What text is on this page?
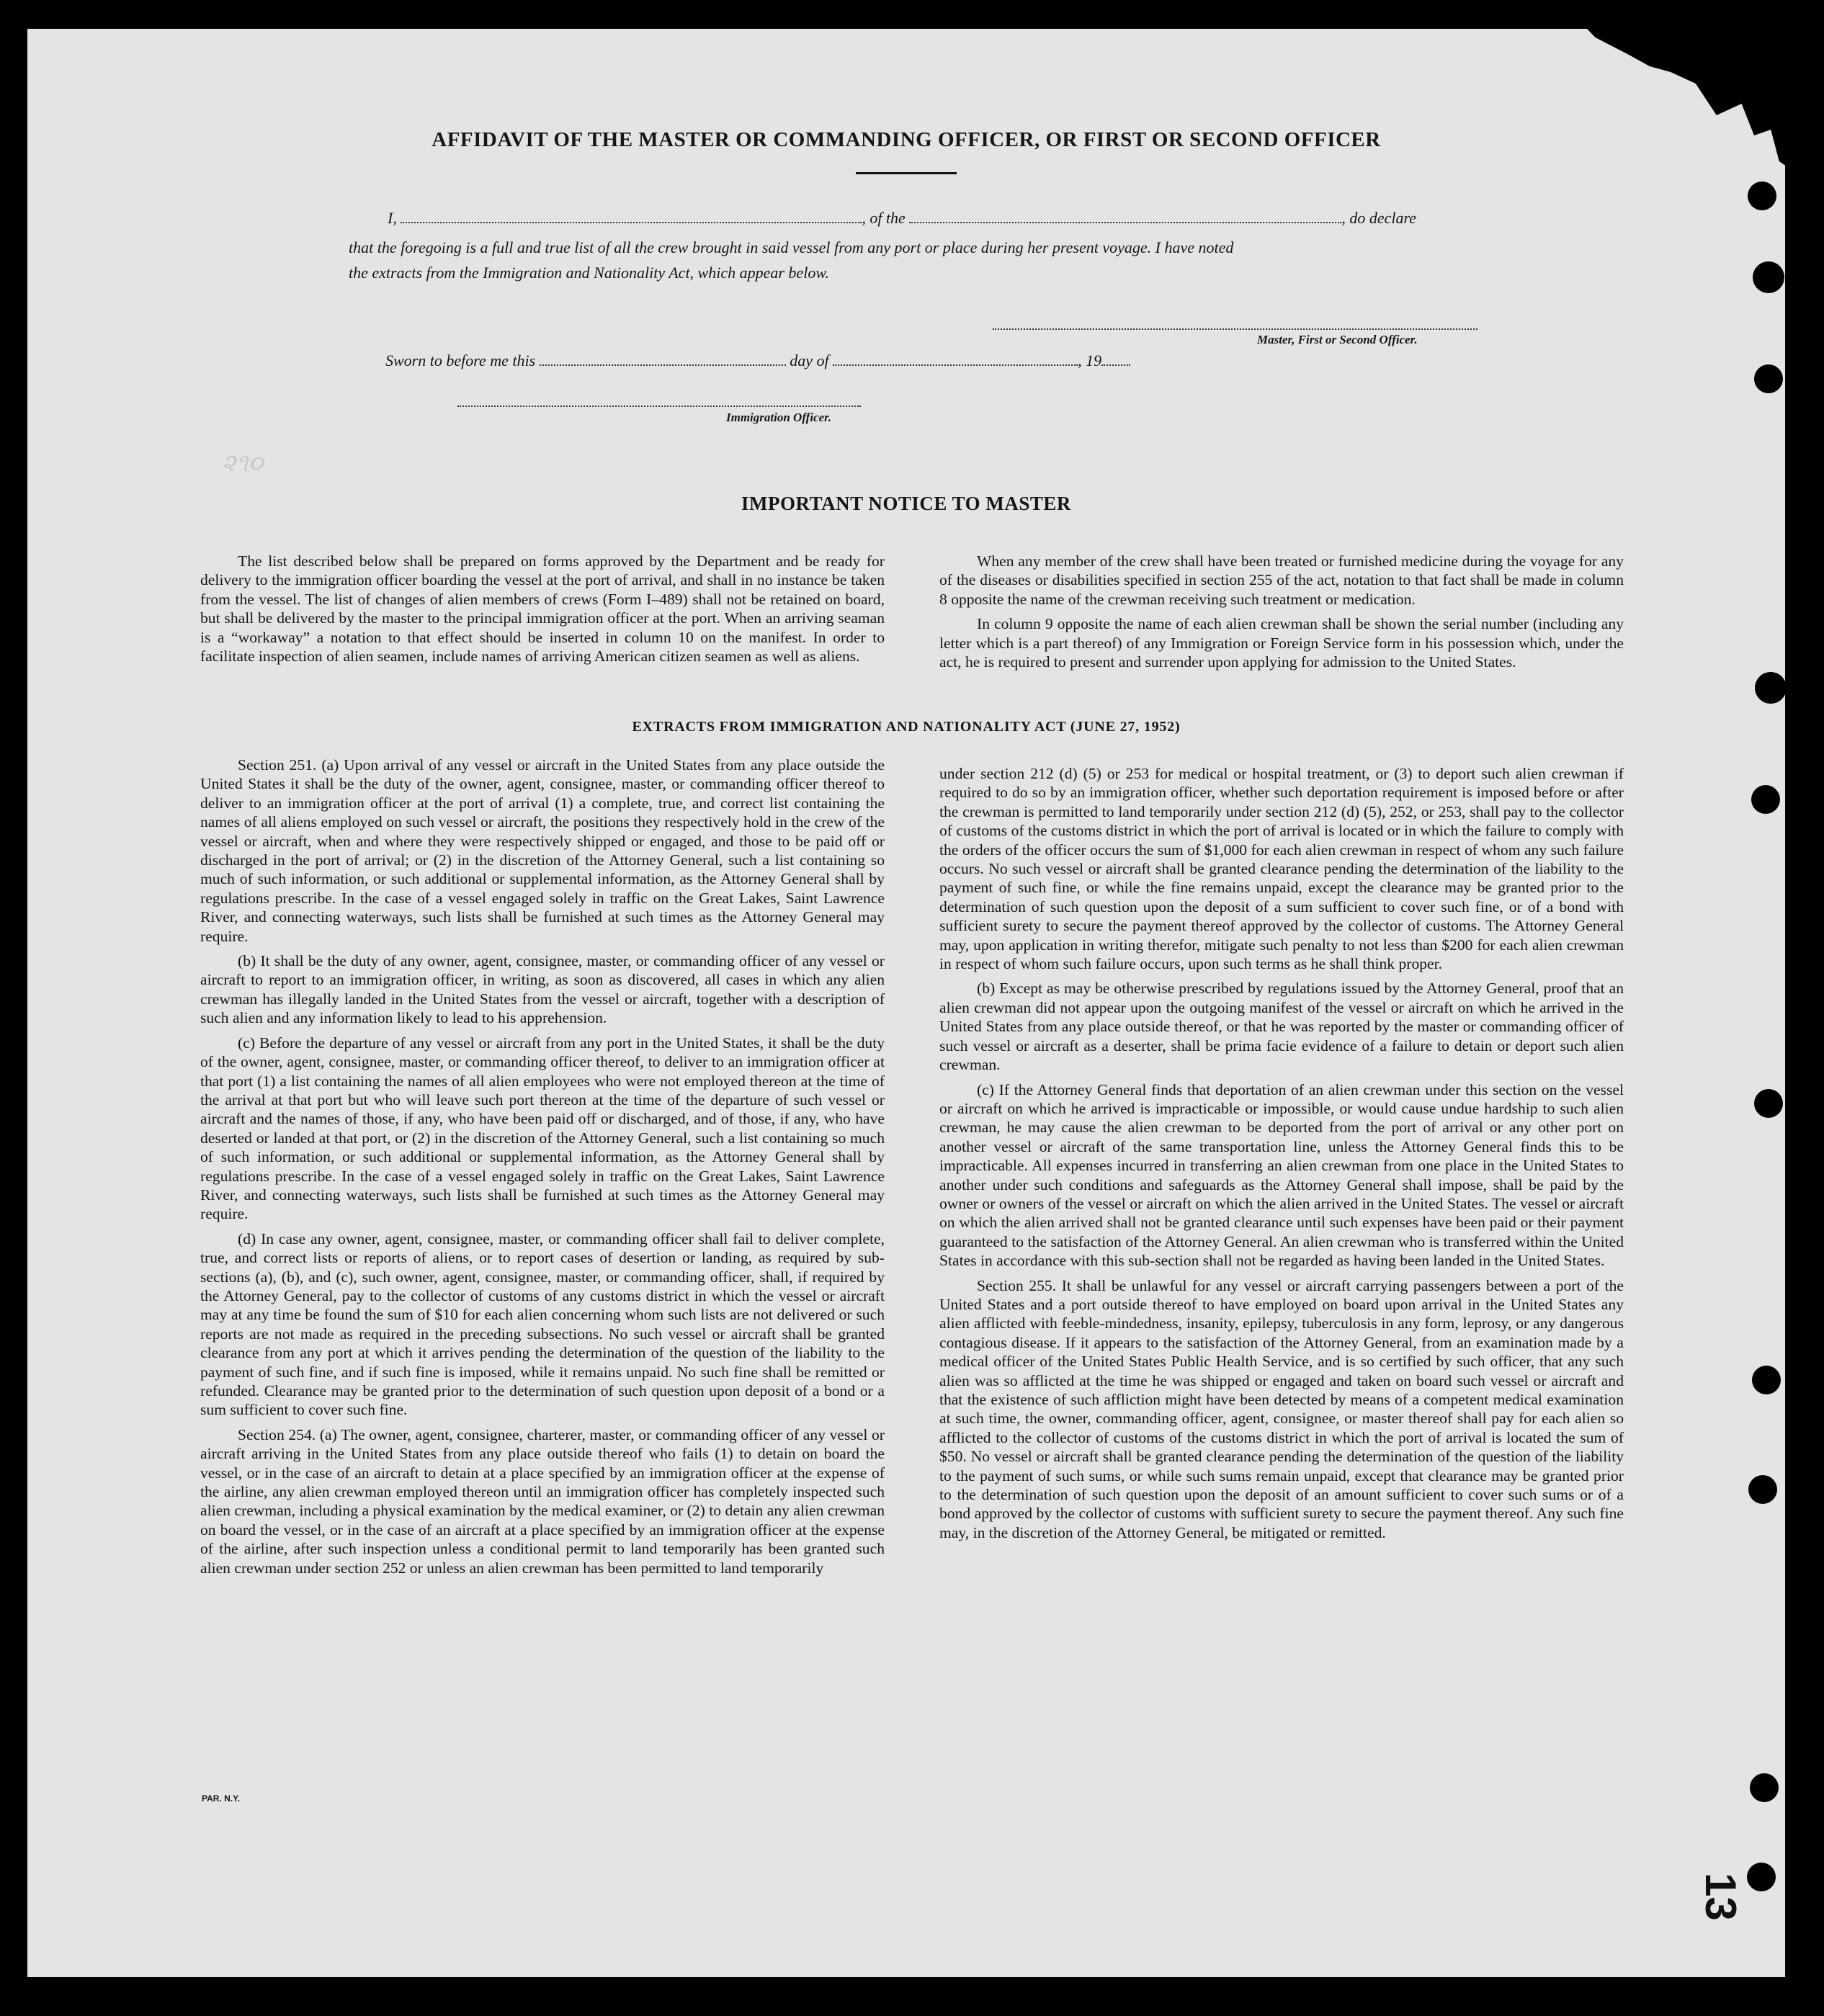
13
૨૧૦
AFFIDAVIT OF THE MASTER OR COMMANDING OFFICER, OR FIRST OR SECOND OFFICER
I,	, of the	, do declare
that the foregoing is a full and true list of all the crew brought in said vessel from any port or place during her present voyage. I have noted
the extracts from the Immigration and Nationality Act, which appear below.
Master, First or Second Officer.
Sworn to before me this	day of	, 19
Immigration Officer.
IMPORTANT NOTICE TO MASTER

The list described below shall be prepared on forms approved by the Department and be ready for delivery to the immigration officer boarding the vessel at the port of arrival, and shall in no instance be taken from the vessel. The list of changes of alien members of crews (Form I–489) shall not be retained on board, but shall be delivered by the master to the principal immigration officer at the port. When an arriving seaman is a “workaway” a notation to that effect should be inserted in column 10 on the manifest. In order to facilitate inspection of alien seamen, include names of arriving American citizen seamen as well as aliens.

When any member of the crew shall have been treated or furnished medicine during the voyage for any of the diseases or disabilities specified in section 255 of the act, notation to that fact shall be made in column 8 opposite the name of the crewman receiving such treatment or medication.

In column 9 opposite the name of each alien crewman shall be shown the serial number (including any letter which is a part thereof) of any Immigration or Foreign Service form in his possession which, under the act, he is required to present and surrender upon applying for admission to the United States.

EXTRACTS FROM IMMIGRATION AND NATIONALITY ACT (JUNE 27, 1952)

Section 251. (a) Upon arrival of any vessel or aircraft in the United States from any place outside the United States it shall be the duty of the owner, agent, consignee, master, or commanding officer thereof to deliver to an immigration officer at the port of arrival (1) a complete, true, and correct list containing the names of all aliens employed on such vessel or aircraft, the positions they respectively hold in the crew of the vessel or aircraft, when and where they were respectively shipped or engaged, and those to be paid off or discharged in the port of arrival; or (2) in the discretion of the Attorney General, such a list containing so much of such information, or such additional or supplemental information, as the Attorney General shall by regulations prescribe. In the case of a vessel engaged solely in traffic on the Great Lakes, Saint Lawrence River, and connecting waterways, such lists shall be furnished at such times as the Attorney General may require.

(b) It shall be the duty of any owner, agent, consignee, master, or commanding officer of any vessel or aircraft to report to an immigration officer, in writing, as soon as discovered, all cases in which any alien crewman has illegally landed in the United States from the vessel or aircraft, together with a description of such alien and any information likely to lead to his apprehension.

(c) Before the departure of any vessel or aircraft from any port in the United States, it shall be the duty of the owner, agent, consignee, master, or commanding officer thereof, to deliver to an immigration officer at that port (1) a list containing the names of all alien employees who were not employed thereon at the time of the arrival at that port but who will leave such port thereon at the time of the departure of such vessel or aircraft and the names of those, if any, who have been paid off or discharged, and of those, if any, who have deserted or landed at that port, or (2) in the discretion of the Attorney General, such a list containing so much of such information, or such additional or supplemental information, as the Attorney General shall by regulations prescribe. In the case of a vessel engaged solely in traffic on the Great Lakes, Saint Lawrence River, and connecting waterways, such lists shall be furnished at such times as the Attorney General may require.

(d) In case any owner, agent, consignee, master, or commanding officer shall fail to deliver complete, true, and correct lists or reports of aliens, or to report cases of desertion or landing, as required by sub-sections (a), (b), and (c), such owner, agent, consignee, master, or commanding officer, shall, if required by the Attorney General, pay to the collector of customs of any customs district in which the vessel or aircraft may at any time be found the sum of $10 for each alien concerning whom such lists are not delivered or such reports are not made as required in the preceding subsections. No such vessel or aircraft shall be granted clearance from any port at which it arrives pending the determination of the question of the liability to the payment of such fine, and if such fine is imposed, while it remains unpaid. No such fine shall be remitted or refunded. Clearance may be granted prior to the determination of such question upon deposit of a bond or a sum sufficient to cover such fine.

Section 254. (a) The owner, agent, consignee, charterer, master, or commanding officer of any vessel or aircraft arriving in the United States from any place outside thereof who fails (1) to detain on board the vessel, or in the case of an aircraft to detain at a place specified by an immigration officer at the expense of the airline, any alien crewman employed thereon until an immigration officer has completely inspected such alien crewman, including a physical examination by the medical examiner, or (2) to detain any alien crewman on board the vessel, or in the case of an aircraft at a place specified by an immigration officer at the expense of the airline, after such inspection unless a conditional permit to land temporarily has been granted such alien crewman under section 252 or unless an alien crewman has been permitted to land temporarily

under section 212 (d) (5) or 253 for medical or hospital treatment, or (3) to deport such alien crewman if required to do so by an immigration officer, whether such deportation requirement is imposed before or after the crewman is permitted to land temporarily under section 212 (d) (5), 252, or 253, shall pay to the collector of customs of the customs district in which the port of arrival is located or in which the failure to comply with the orders of the officer occurs the sum of $1,000 for each alien crewman in respect of whom any such failure occurs. No such vessel or aircraft shall be granted clearance pending the determination of the liability to the payment of such fine, or while the fine remains unpaid, except the clearance may be granted prior to the determination of such question upon the deposit of a sum sufficient to cover such fine, or of a bond with sufficient surety to secure the payment thereof approved by the collector of customs. The Attorney General may, upon application in writing therefor, mitigate such penalty to not less than $200 for each alien crewman in respect of whom such failure occurs, upon such terms as he shall think proper.

(b) Except as may be otherwise prescribed by regulations issued by the Attorney General, proof that an alien crewman did not appear upon the outgoing manifest of the vessel or aircraft on which he arrived in the United States from any place outside thereof, or that he was reported by the master or commanding officer of such vessel or aircraft as a deserter, shall be prima facie evidence of a failure to detain or deport such alien crewman.

(c) If the Attorney General finds that deportation of an alien crewman under this section on the vessel or aircraft on which he arrived is impracticable or impossible, or would cause undue hardship to such alien crewman, he may cause the alien crewman to be deported from the port of arrival or any other port on another vessel or aircraft of the same transportation line, unless the Attorney General finds this to be impracticable. All expenses incurred in transferring an alien crewman from one place in the United States to another under such conditions and safeguards as the Attorney General shall impose, shall be paid by the owner or owners of the vessel or aircraft on which the alien arrived in the United States. The vessel or aircraft on which the alien arrived shall not be granted clearance until such expenses have been paid or their payment guaranteed to the satisfaction of the Attorney General. An alien crewman who is transferred within the United States in accordance with this sub-section shall not be regarded as having been landed in the United States.

Section 255. It shall be unlawful for any vessel or aircraft carrying passengers between a port of the United States and a port outside thereof to have employed on board upon arrival in the United States any alien afflicted with feeble-mindedness, insanity, epilepsy, tuberculosis in any form, leprosy, or any dangerous contagious disease. If it appears to the satisfaction of the Attorney General, from an examination made by a medical officer of the United States Public Health Service, and is so certified by such officer, that any such alien was so afflicted at the time he was shipped or engaged and taken on board such vessel or aircraft and that the existence of such affliction might have been detected by means of a competent medical examination at such time, the owner, commanding officer, agent, consignee, or master thereof shall pay for each alien so afflicted to the collector of customs of the customs district in which the port of arrival is located the sum of $50. No vessel or aircraft shall be granted clearance pending the determination of the question of the liability to the payment of such sums, or while such sums remain unpaid, except that clearance may be granted prior to the determination of such question upon the deposit of an amount sufficient to cover such sums or of a bond approved by the collector of customs with sufficient surety to secure the payment thereof. Any such fine may, in the discretion of the Attorney General, be mitigated or remitted.

PAR. N.Y.
